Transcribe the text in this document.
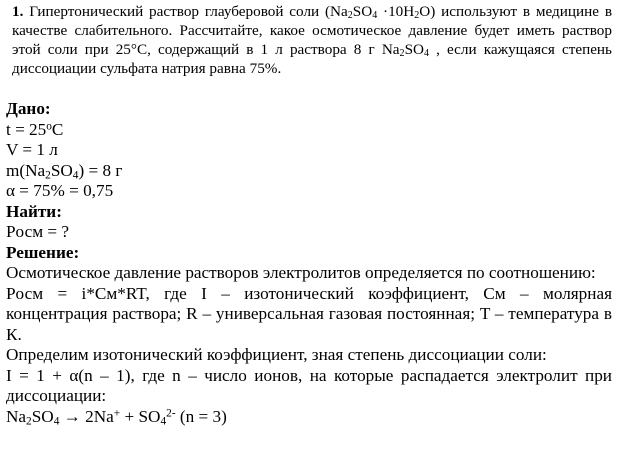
1. Гипертонический раствор глауберовой соли $(Na_2SO_4 \cdot 10H_2O)$ используют в медицине в качестве слабительного. Рассчитайте, какое осмотическое давление будет иметь раствор этой соли при 25°C, содержащий в 1 л раствора 8 г $Na_2SO_4$ , если кажущаяся степень диссоциации сульфата натрия равна 75%.

Дано:

$t = 25^oC$

V = 1 л

$m(Na_2SO_4) = 8$ г

α = 75% = 0,75

Найти:

Pосм = ?

Решение:

Осмотическое давление растворов электролитов определяется по соотношению:

Pосм = i*Cм*RT, где I – изотонический коэффициент, Cм – молярная концентрация раствора; R – универсальная газовая постоянная; T – температура в К.

Определим изотонический коэффициент, зная степень диссоциации соли:

I = 1 + α(n – 1), где n – число ионов, на которые распадается электролит при диссоциации:

$Na_2SO_4 \to 2Na^+ + SO_4^{2-}$ (n = 3)
